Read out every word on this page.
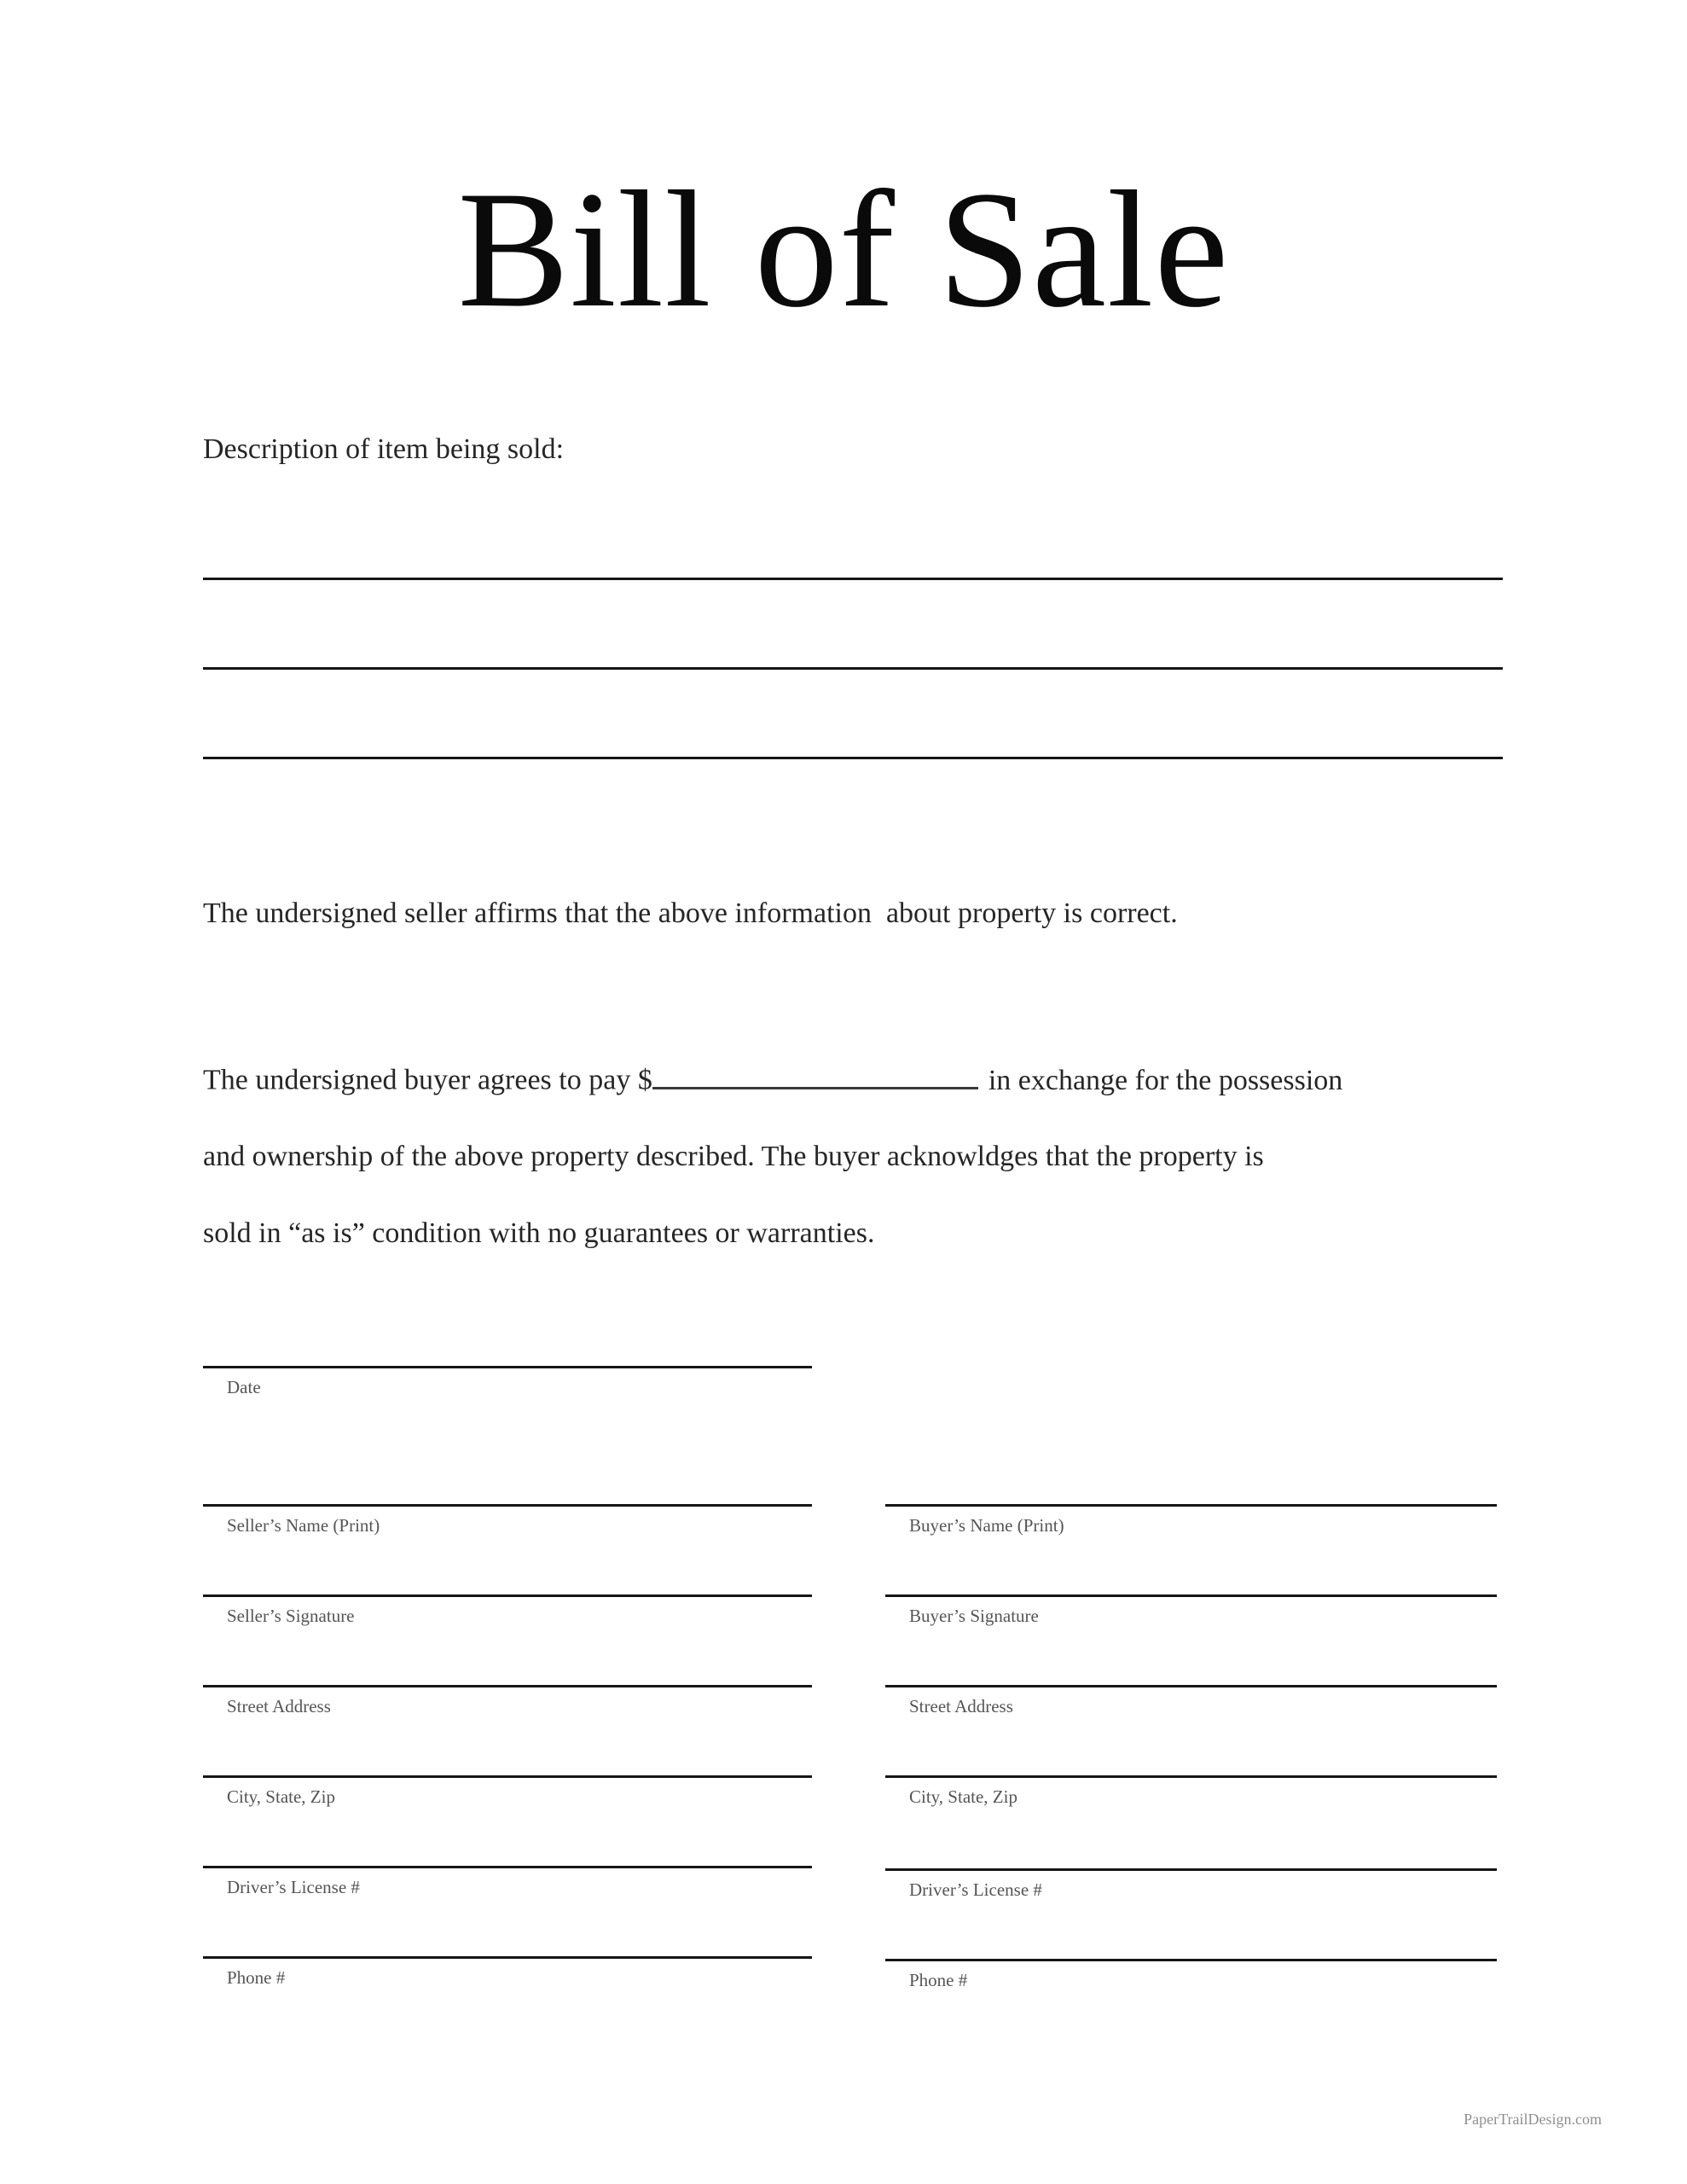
Bill of Sale

Description of item being sold:

The undersigned seller affirms that the above information  about property is correct.

The undersigned buyer agrees to pay $	in exchange for the possession

and ownership of the above property described. The buyer acknowldges that the property is

sold in “as is” condition with no guarantees or warranties.

Date
Seller’s Name (Print)
Seller’s Signature
Street Address
City, State, Zip
Driver’s License #
Phone #
Buyer’s Name (Print)
Buyer’s Signature
Street Address
City, State, Zip
Driver’s License #
Phone #
PaperTrailDesign.com
